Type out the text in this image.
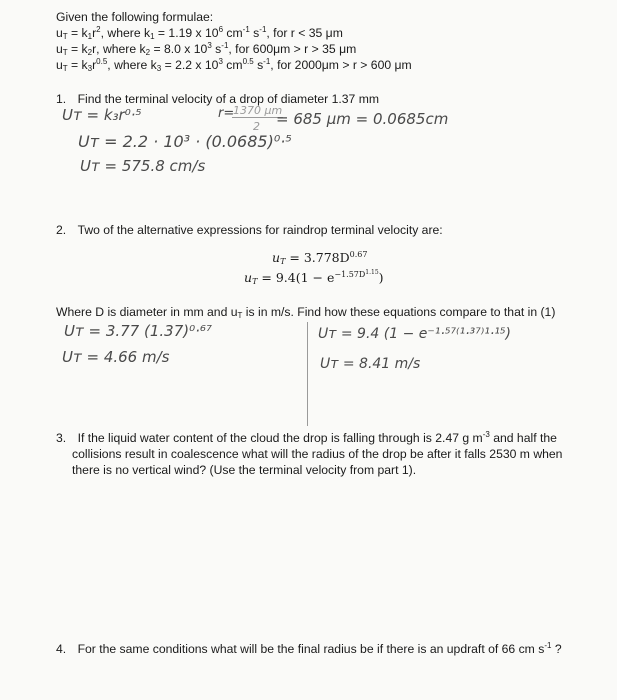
Given the following formulae:
$u_T = k_1r^2$, where $k_1 = 1.19$ x $10^6$ $cm^{-1}$ $s^{-1}$, for r < 35 μm
$u_T = k_2r$, where $k_2 = 8.0$ x $10^3$ $s^{-1}$, for 600μm > r > 35 μm
$u_T = k_3r^{0.5}$, where $k_3 = 2.2$ x $10^3$ $cm^{0.5}$ $s^{-1}$, for 2000μm > r > 600 μm
1. Find the terminal velocity of a drop of diameter 1.37 mm
Uᴛ = k₃r⁰·⁵	r=
1370 μm
2 = 685 μm = 0.0685cm
Uᴛ = 2.2 · 10³ · (0.0685)⁰·⁵
Uᴛ = 575.8 cm/s
2. Two of the alternative expressions for raindrop terminal velocity are:
$u_T = 3.778D^{0.67}$
$u_T = 9.4(1 - e^{-1.57D^{1.15}})$
Where D is diameter in mm and $u_T$ is in m/s. Find how these equations compare to that in (1)
Uᴛ = 3.77 (1.37)⁰·⁶⁷
Uᴛ = 4.66 m/s
Uᴛ = 9.4 (1 − e⁻¹·⁵⁷⁽¹·³⁷⁾¹·¹⁵)
Uᴛ = 8.41 m/s
3. If the liquid water content of the cloud the drop is falling through is 2.47 g $m^{-3}$ and half the
collisions result in coalescence what will the radius of the drop be after it falls 2530 m when
there is no vertical wind? (Use the terminal velocity from part 1).
4. For the same conditions what will be the final radius be if there is an updraft of 66 cm $s^{-1}$ ?
